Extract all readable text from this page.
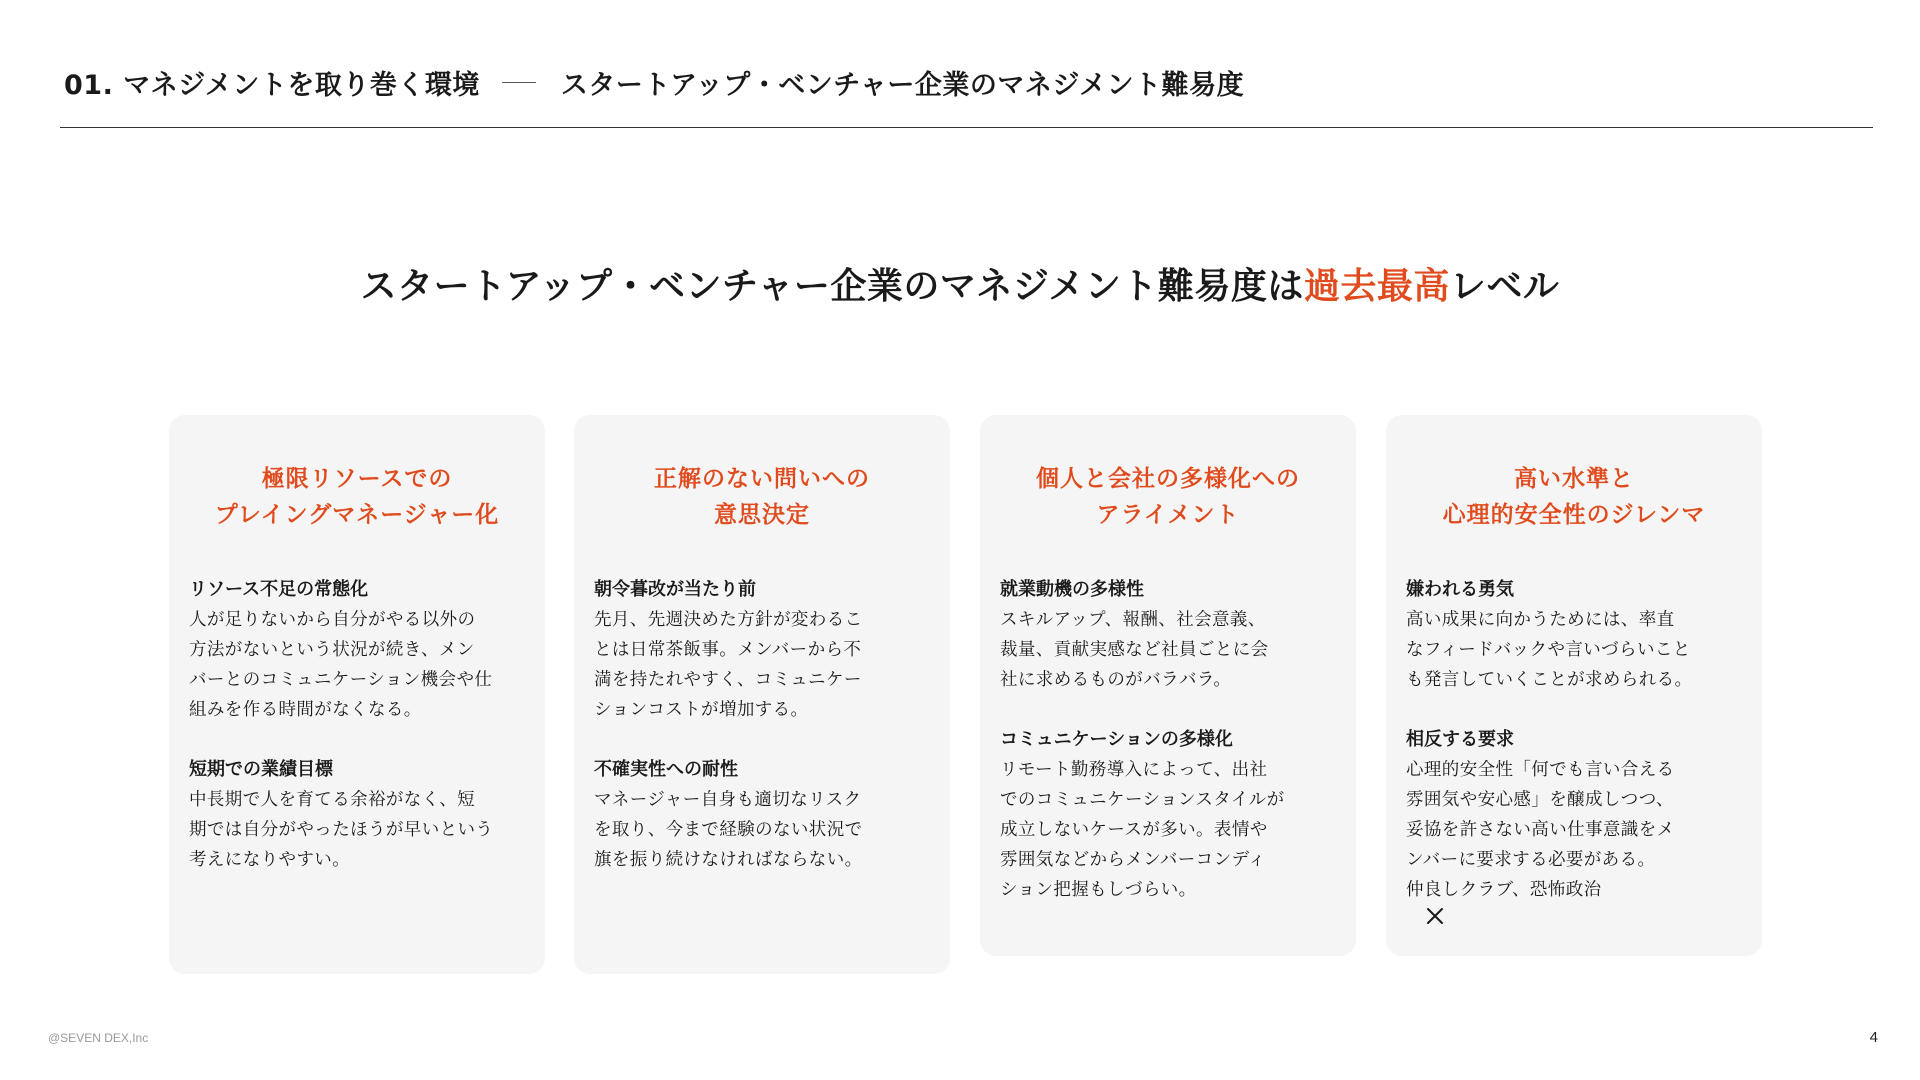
01. マネジメントを取り巻く環境	スタートアップ・ベンチャー企業のマネジメント難易度
スタートアップ・ベンチャー企業のマネジメント難易度は過去最高レベル
極限リソースでの
プレイングマネージャー化
リソース不足の常態化
人が足りないから自分がやる以外の
方法がないという状況が続き、メン
バーとのコミュニケーション機会や仕
組みを作る時間がなくなる。
短期での業績目標
中長期で人を育てる余裕がなく、短
期では自分がやったほうが早いという
考えになりやすい。
正解のない問いへの
意思決定
朝令暮改が当たり前
先月、先週決めた方針が変わるこ
とは日常茶飯事。メンバーから不
満を持たれやすく、コミュニケー
ションコストが増加する。
不確実性への耐性
マネージャー自身も適切なリスク
を取り、今まで経験のない状況で
旗を振り続けなければならない。
個人と会社の多様化への
アライメント
就業動機の多様性
スキルアップ、報酬、社会意義、
裁量、貢献実感など社員ごとに会
社に求めるものがバラバラ。
コミュニケーションの多様化
リモート勤務導入によって、出社
でのコミュニケーションスタイルが
成立しないケースが多い。表情や
雰囲気などからメンバーコンディ
ション把握もしづらい。
高い水準と
心理的安全性のジレンマ
嫌われる勇気
高い成果に向かうためには、率直
なフィードバックや言いづらいこと
も発言していくことが求められる。
相反する要求
心理的安全性「何でも言い合える
雰囲気や安心感」を醸成しつつ、
妥協を許さない高い仕事意識をメ
ンバーに要求する必要がある。
仲良しクラブ、恐怖政治
@SEVEN DEX,Inc	4
